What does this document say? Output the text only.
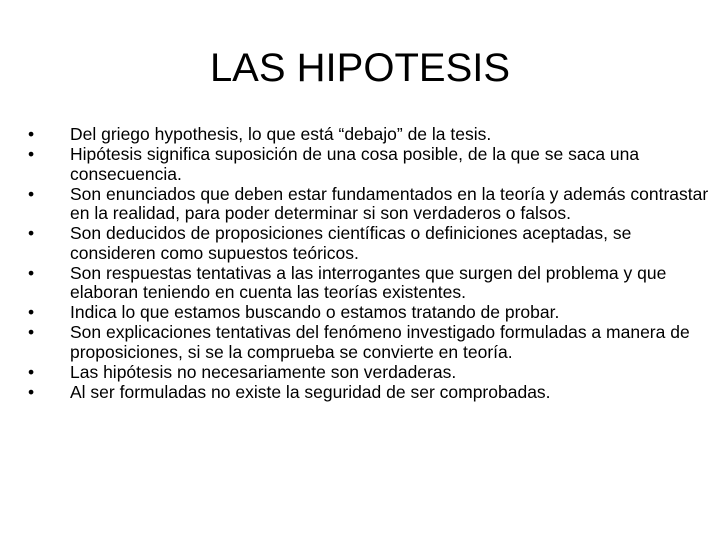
LAS HIPOTESIS
•	Del griego hypothesis, lo que está “debajo” de la tesis.
•	Hipótesis significa suposición de una cosa posible, de la que se saca una consecuencia.
•	Son enunciados que deben estar fundamentados en la teoría y además contrastar en la realidad, para poder determinar si son verdaderos o falsos.
•	Son deducidos de proposiciones científicas o definiciones aceptadas, se consideren como supuestos teóricos.
•	Son respuestas tentativas a las interrogantes que surgen del problema y que elaboran teniendo en cuenta las teorías existentes.
•	Indica lo que estamos buscando o estamos tratando de probar.
•	Son explicaciones tentativas del fenómeno investigado formuladas a manera de proposiciones, si se la comprueba se convierte en teoría.
•	Las hipótesis no necesariamente son verdaderas.
•	Al ser formuladas no existe la seguridad de ser comprobadas.
